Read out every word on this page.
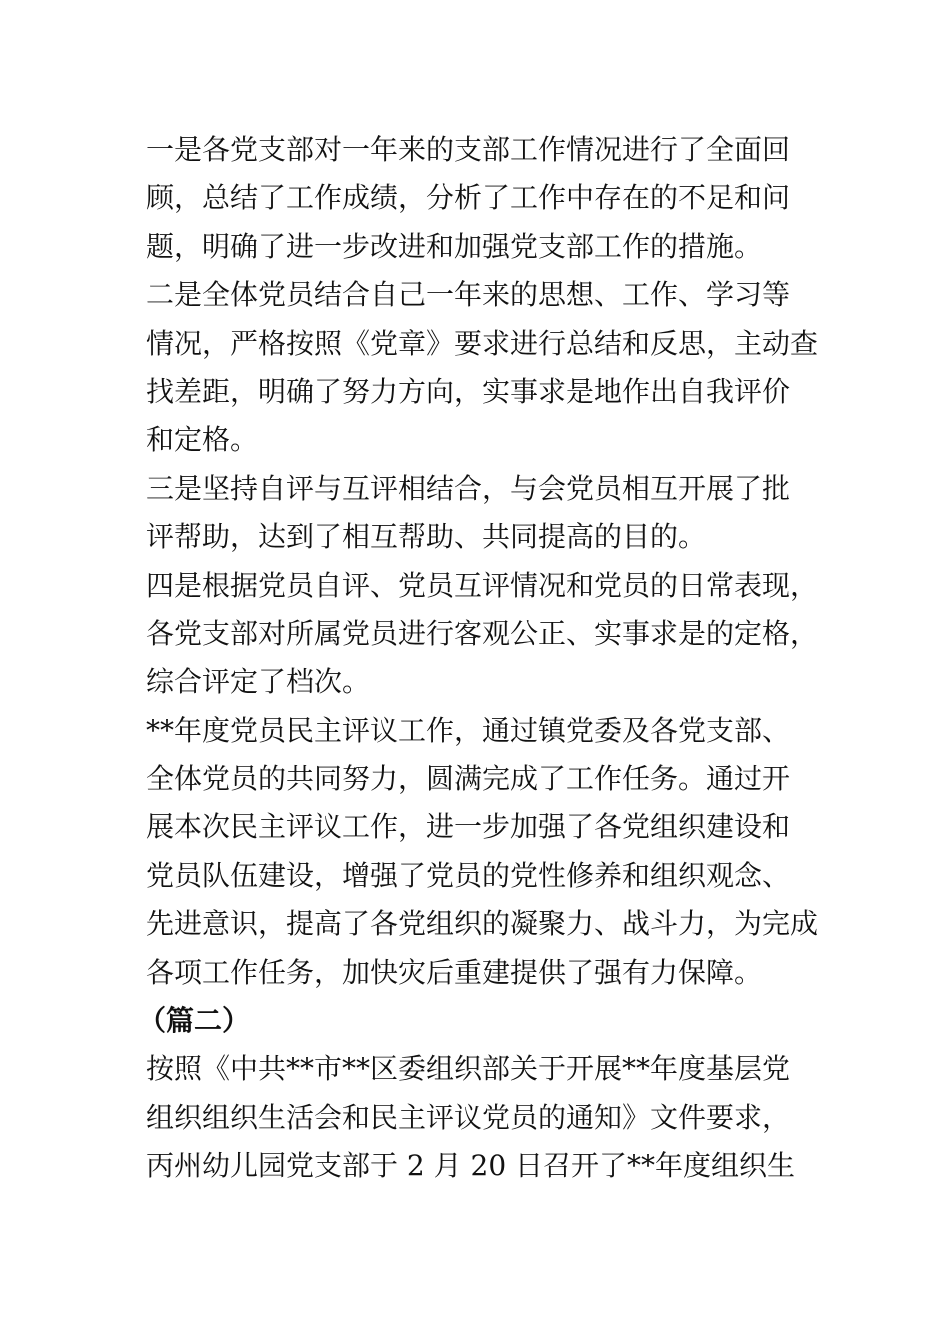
一是各党支部对一年来的支部工作情况进行了全面回
顾，总结了工作成绩，分析了工作中存在的不足和问
题，明确了进一步改进和加强党支部工作的措施。
二是全体党员结合自己一年来的思想、工作、学习等
情况，严格按照《党章》要求进行总结和反思，主动查
找差距，明确了努力方向，实事求是地作出自我评价
和定格。
三是坚持自评与互评相结合，与会党员相互开展了批
评帮助，达到了相互帮助、共同提高的目的。
四是根据党员自评、党员互评情况和党员的日常表现，
各党支部对所属党员进行客观公正、实事求是的定格，
综合评定了档次。
**年度党员民主评议工作，通过镇党委及各党支部、
全体党员的共同努力，圆满完成了工作任务。通过开
展本次民主评议工作，进一步加强了各党组织建设和
党员队伍建设，增强了党员的党性修养和组织观念、
先进意识，提高了各党组织的凝聚力、战斗力，为完成
各项工作任务，加快灾后重建提供了强有力保障。
（篇二）
按照《中共**市**区委组织部关于开展**年度基层党
组织组织生活会和民主评议党员的通知》文件要求，
丙州幼儿园党支部于 2 月 20 日召开了**年度组织生
